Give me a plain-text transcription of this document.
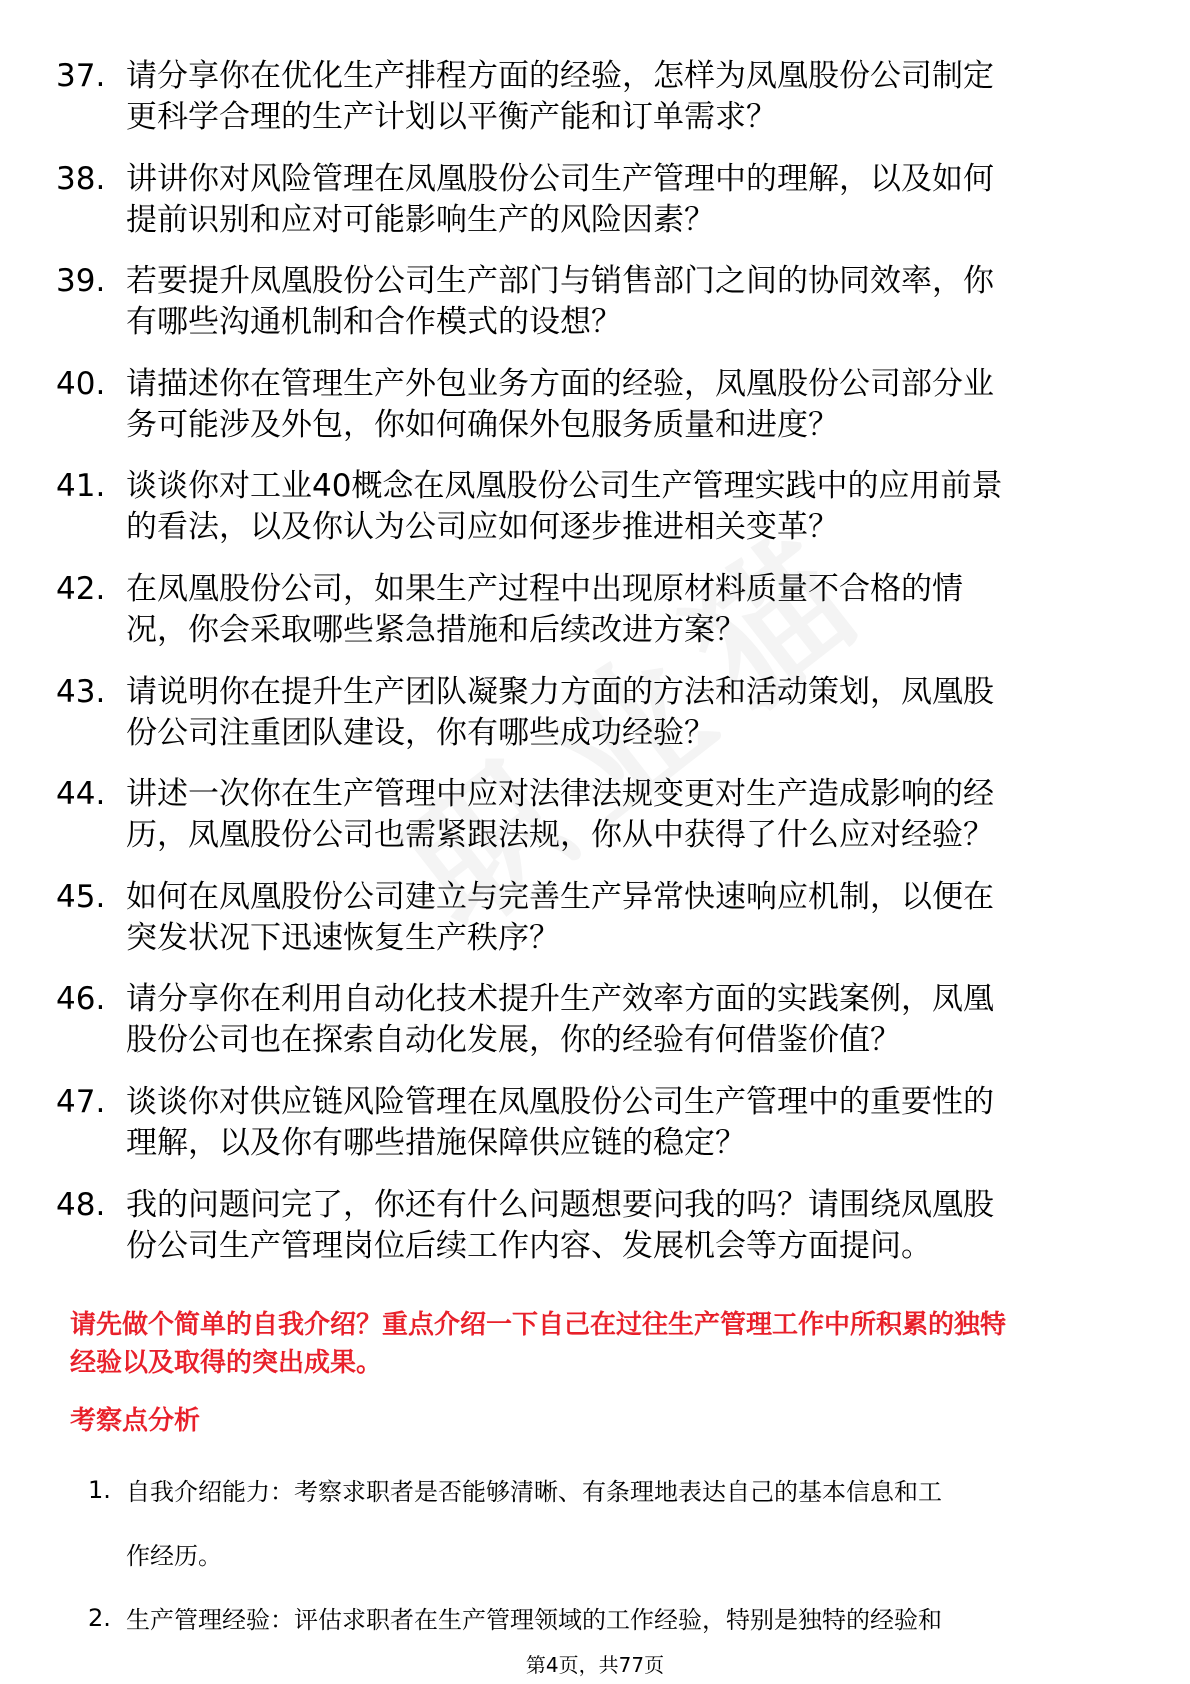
37. 请分享你在优化生产排程方面的经验，怎样为凤凰股份公司制定
更科学合理的生产计划以平衡产能和订单需求？
38. 讲讲你对风险管理在凤凰股份公司生产管理中的理解，以及如何
提前识别和应对可能影响生产的风险因素？
39. 若要提升凤凰股份公司生产部门与销售部门之间的协同效率，你
有哪些沟通机制和合作模式的设想？
40. 请描述你在管理生产外包业务方面的经验，凤凰股份公司部分业
务可能涉及外包，你如何确保外包服务质量和进度？
41. 谈谈你对工业40概念在凤凰股份公司生产管理实践中的应用前景
的看法，以及你认为公司应如何逐步推进相关变革？
42. 在凤凰股份公司，如果生产过程中出现原材料质量不合格的情
况，你会采取哪些紧急措施和后续改进方案？
43. 请说明你在提升生产团队凝聚力方面的方法和活动策划，凤凰股
份公司注重团队建设，你有哪些成功经验？
44. 讲述一次你在生产管理中应对法律法规变更对生产造成影响的经
历，凤凰股份公司也需紧跟法规，你从中获得了什么应对经验？
45. 如何在凤凰股份公司建立与完善生产异常快速响应机制，以便在
突发状况下迅速恢复生产秩序？
46. 请分享你在利用自动化技术提升生产效率方面的实践案例，凤凰
股份公司也在探索自动化发展，你的经验有何借鉴价值？
47. 谈谈你对供应链风险管理在凤凰股份公司生产管理中的重要性的
理解，以及你有哪些措施保障供应链的稳定？
48. 我的问题问完了，你还有什么问题想要问我的吗？请围绕凤凰股
份公司生产管理岗位后续工作内容、发展机会等方面提问。
请先做个简单的自我介绍？重点介绍一下自己在过往生产管理工作中所积累的独特
经验以及取得的突出成果。
考察点分析
1. 自我介绍能力：考察求职者是否能够清晰、有条理地表达自己的基本信息和工
作经历。
2. 生产管理经验：评估求职者在生产管理领域的工作经验，特别是独特的经验和
第4页，共77页
